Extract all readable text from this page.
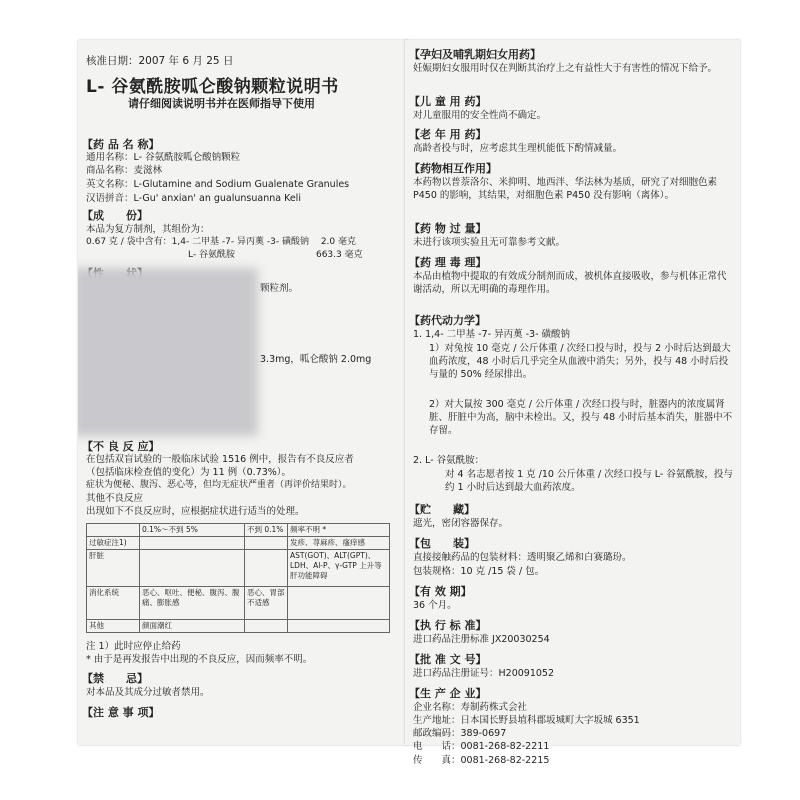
核准日期：2007 年 6 月 25 日
L- 谷氨酰胺呱仑酸钠颗粒说明书
请仔细阅读说明书并在医师指导下使用
【药 品 名 称】
通用名称：L- 谷氨酰胺呱仑酸钠颗粒
商品名称：麦滋林
英文名称：L-Glutamine and Sodium Gualenate Granules
汉语拼音：L-Gu' anxian' an gualunsuanna Keli
【成　　份】
本品为复方制剂，其组份为：
0.67 克 / 袋中含有：1,4- 二甲基 -7- 异丙薁 -3- 磺酸钠　 2.0 毫克
L- 谷氨酰胺　　　　　　　　　663.3 毫克
颗粒剂。
3.3mg，呱仑酸钠 2.0mg
【不 良 反 应】
在包括双盲试验的一般临床试验 1516 例中，报告有不良反应者
（包括临床检查值的变化）为 11 例（0.73%）。
症状为便秘、腹泻、恶心等，但均无症状严重者（再评价结果时）。
其他不良反应
出现如下不良反应时，应根据症状进行适当的处理。
	0.1%～不到 5%	不到 0.1%	频率不明 *
过敏症注1)			发疹、荨麻疹、瘙痒感
肝脏			AST(GOT)、ALT(GPT)、LDH、Al-P、γ-GTP 上升等肝功能障碍
消化系统	恶心、呕吐、便秘、腹泻、腹痛、膨胀感	恶心、胃部不适感	
其他	颜面潮红		
注 1）此时应停止给药
* 由于是再发报告中出现的不良反应，因而频率不明。
【禁　　忌】
对本品及其成分过敏者禁用。
【注 意 事 项】
【孕妇及哺乳期妇女用药】
妊娠期妇女服用时仅在判断其治疗上之有益性大于有害性的情况下给予。
【儿 童 用 药】
对儿童服用的安全性尚不确定。
【老 年 用 药】
高龄者投与时，应考虑其生理机能低下酌情减量。
【药物相互作用】
本药物以普萘洛尔、米抑明、地西泮、华法林为基质，研究了对细胞色素 P450 的影响，其结果，对细胞色素 P450 没有影响（离体）。
【药 物 过 量】
未进行该项实验且无可靠参考文献。
【药 理 毒 理】
本品由植物中提取的有效成分制剂而成，被机体直接吸收，参与机体正常代谢活动，所以无明确的毒理作用。
【药代动力学】
1. 1,4- 二甲基 -7- 异丙薁 -3- 磺酸钠
1）对兔按 10 毫克 / 公斤体重 / 次经口投与时，投与 2 小时后达到最大血药浓度，48 小时后几乎完全从血液中消失；另外，投与 48 小时后投与量的 50% 经尿排出。
2）对大鼠按 300 毫克 / 公斤体重 / 次经口投与时，脏器内的浓度属肾脏、肝脏中为高，脑中未检出。又，投与 48 小时后基本消失，脏器中不存留。
2. L- 谷氨酰胺：
对 4 名志愿者按 1 克 /10 公斤体重 / 次经口投与 L- 谷氨酰胺，投与约 1 小时后达到最大血药浓度。
【贮　　藏】
遮光，密闭容器保存。
【包　　装】
直接接触药品的包装材料：透明聚乙烯和白赛璐玢。
包装规格：10 克 /15 袋 / 包。
【有 效 期】
36 个月。
【执 行 标 准】
进口药品注册标准 JX20030254
【批 准 文 号】
进口药品注册证号：H20091052
【生 产 企 业】
企业名称：寿制药株式会社
生产地址：日本国长野县埴科郡坂城町大字坂城 6351
邮政编码：389-0697
电　　话：0081-268-82-2211
传　　真：0081-268-82-2215
